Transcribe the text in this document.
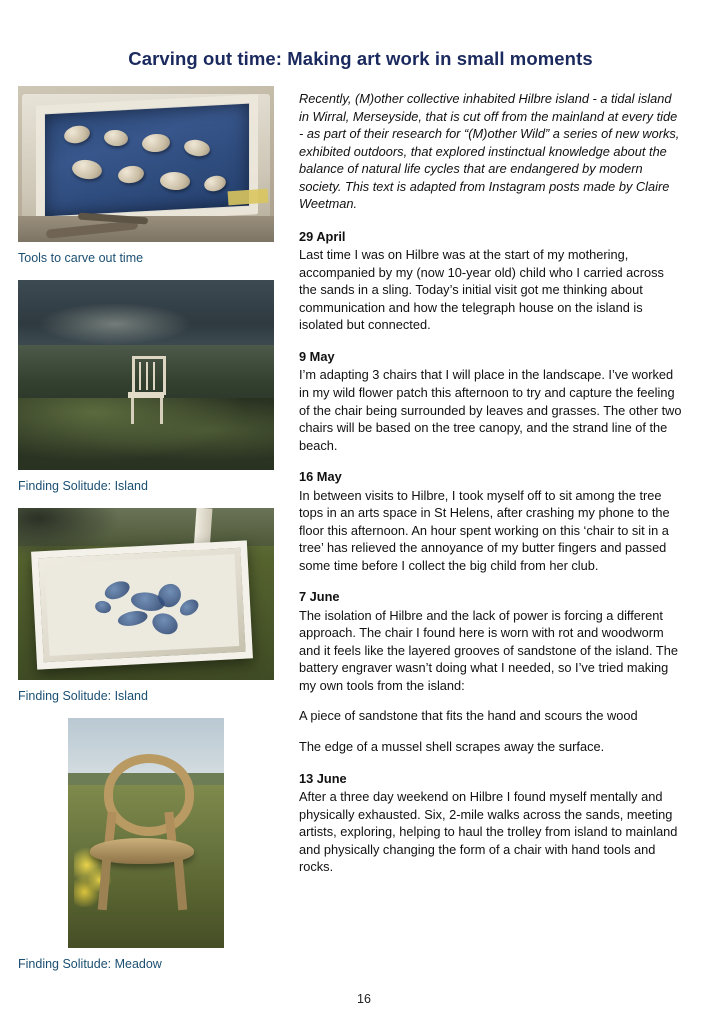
Carving out time: Making art work in small moments
Tools to carve out time
Finding Solitude: Island
Finding Solitude: Island
Finding Solitude: Meadow

Recently, (M)other collective inhabited Hilbre island - a tidal island in Wirral, Merseyside, that is cut off from the mainland at every tide - as part of their research for “(M)other Wild” a series of new works, exhibited outdoors, that explored instinctual knowledge about the balance of natural life cycles that are endangered by modern society. This text is adapted from Instagram posts made by Claire Weetman.

29 April

Last time I was on Hilbre was at the start of my mothering, accompanied by my (now 10-year old) child who I carried across the sands in a sling. Today’s initial visit got me thinking about communication and how the telegraph house on the island is isolated but connected.

9 May

I’m adapting 3 chairs that I will place in the landscape. I’ve worked in my wild flower patch this afternoon to try and capture the feeling of the chair being surrounded by leaves and grasses. The other two chairs will be based on the tree canopy, and the strand line of the beach.

16 May

In between visits to Hilbre, I took myself off to sit among the tree tops in an arts space in St Helens, after crashing my phone to the floor this afternoon. An hour spent working on this ‘chair to sit in a tree’ has relieved the annoyance of my butter fingers and passed some time before I collect the big child from her club.

7 June

The isolation of Hilbre and the lack of power is forcing a different approach. The chair I found here is worn with rot and woodworm and it feels like the layered grooves of sandstone of the island. The battery engraver wasn’t doing what I needed, so I’ve tried making my own tools from the island:

A piece of sandstone that fits the hand and scours the wood

The edge of a mussel shell scrapes away the surface.

13 June

After a three day weekend on Hilbre I found myself mentally and physically exhausted. Six, 2-mile walks across the sands, meeting artists, exploring, helping to haul the trolley from island to mainland and physically changing the form of a chair with hand tools and rocks.

16
